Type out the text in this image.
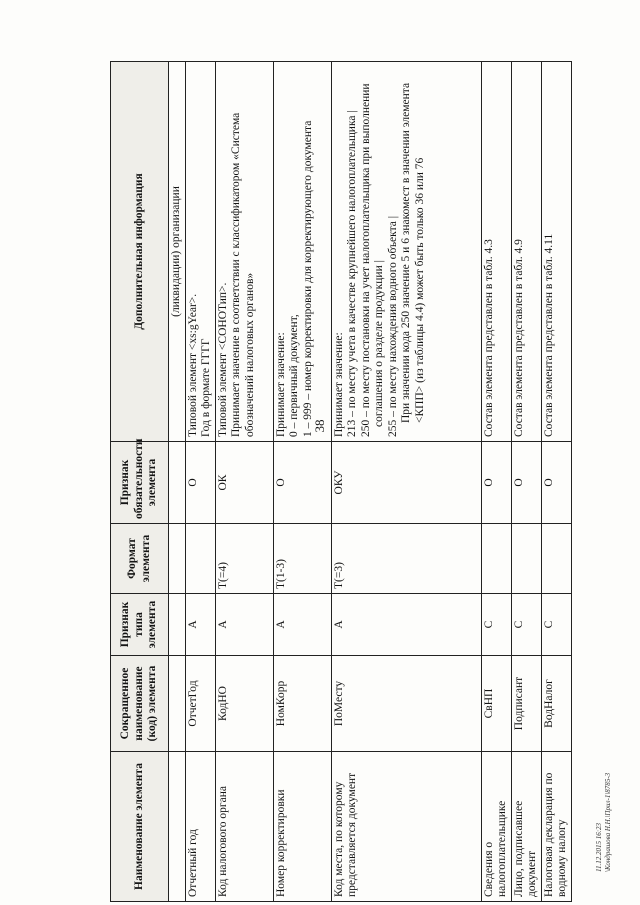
38
Наименование элемента	Сокращенное наименование (код) элемента	Признак типа элемента	Формат элемента	Признак обязательности элемента	Дополнительная информация
					(ликвидации) организации
Отчетный год	ОтчетГод	А		О	Типовой элемент <xs:gYear>. Год в формате ГГГГ

Код налогового органа	КодНО	А	T(=4)	ОК	Типовой элемент <СОНОТип>. Принимает значение в соответствии с классификатором «Система обозначений налоговых органов»

Номер корректировки	НомКорр	А	T(1-3)	О	Принимает значение: 0 – первичный документ, 1 – 999 – номер корректировки для корректирующего документа

Код места, по которому представляется документ	ПоМесту	А	T(=3)	ОКУ	Принимает значение: 213 – по месту учета в качестве крупнейшего налогоплательщика | 250 – по месту постановки на учет налогоплательщика при выполнении соглашения о разделе продукции | 255 – по месту нахождения водного объекта | При значении кода 250 значение 5 и 6 знакомест в значении элемента <КПП> (из таблицы 4.4) может быть только 36 или 76

Сведения о налогоплательщике	СвНП	С		О	Состав элемента представлен в табл. 4.3
Лицо, подписавшее документ	Подписант	С		О	Состав элемента представлен в табл. 4.9
Налоговая декларация по водному налогу	ВодНалог	С		О	Состав элемента представлен в табл. 4.11
11.12.2015 16:23 \Кондрашова Н.Н.\Прил-1\8785-3
